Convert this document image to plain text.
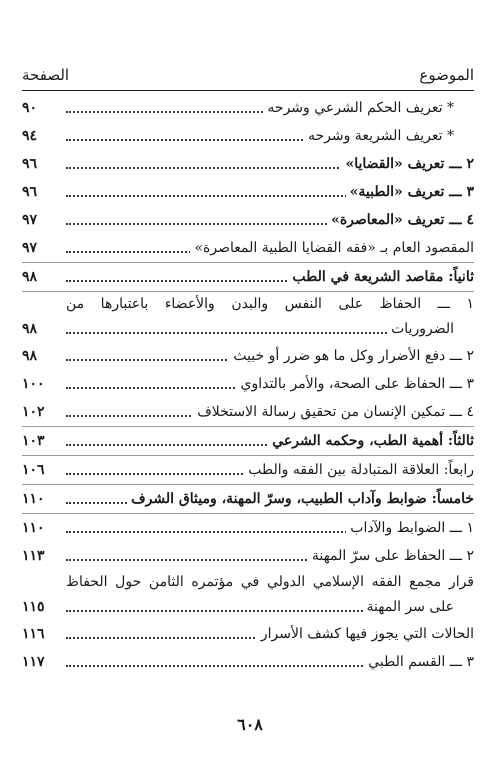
الموضوع
الصفحة
* تعريف الحكم الشرعي وشرحه
٩٠
* تعريف الشريعة وشرحه
٩٤
٢ ـــ تعريف «القضايا»
٩٦
٣ ـــ تعريف «الطبية»
٩٦
٤ ـــ تعريف «المعاصرة»
٩٧
المقصود العام بـ «فقه القضايا الطبية المعاصرة»
٩٧
ثانياً: مقاصد الشريعة في الطب
٩٨
١ ـــ الحفاظ على النفس والبدن والأعضاء باعتبارها من
الضروريات
٩٨
٢ ـــ دفع الأضرار وكل ما هو ضرر أو خبيث
٩٨
٣ ـــ الحفاظ على الصحة، والأمر بالتداوي
١٠٠
٤ ـــ تمكين الإنسان من تحقيق رسالة الاستخلاف
١٠٢
ثالثاً: أهمية الطب، وحكمه الشرعي
١٠٣
رابعاً: العلاقة المتبادلة بين الفقه والطب
١٠٦
خامساً: ضوابط وآداب الطبيب، وسرّ المهنة، وميثاق الشرف
١١٠
١ ـــ الضوابط والآداب
١١٠
٢ ـــ الحفاظ على سرّ المهنة
١١٣
قرار مجمع الفقه الإسلامي الدولي في مؤتمره الثامن حول الحفاظ
على سر المهنة
١١٥
الحالات التي يجوز فيها كشف الأسرار
١١٦
٣ ـــ القسم الطبي
١١٧
٦٠٨
